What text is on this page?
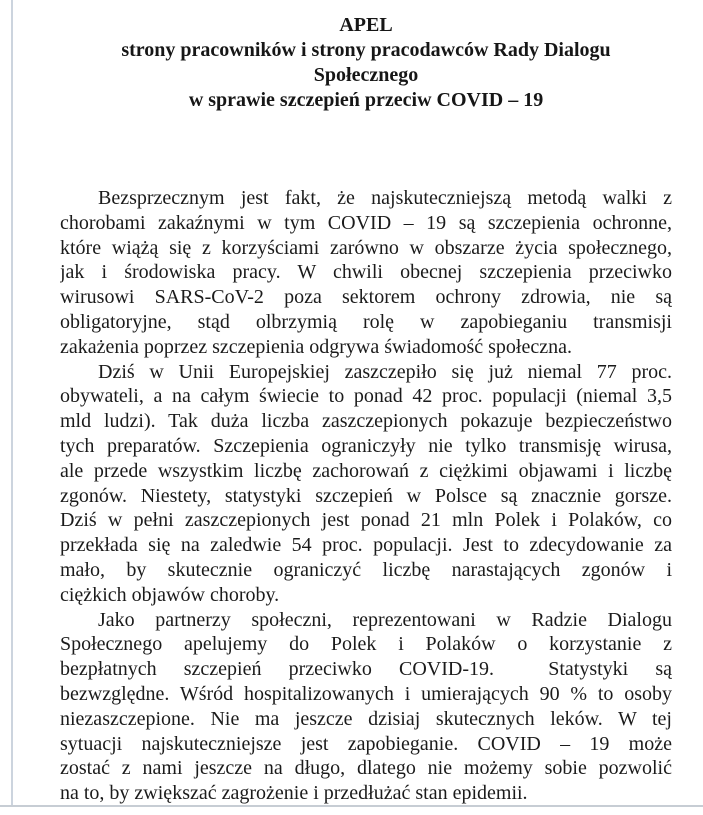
APEL
strony pracowników i strony pracodawców Rady Dialogu
Społecznego
w sprawie szczepień przeciw COVID – 19
Bezsprzecznym jest fakt, że najskuteczniejszą metodą walki z
chorobami zakaźnymi w tym COVID – 19 są szczepienia ochronne,
które wiążą się z korzyściami zarówno w obszarze życia społecznego,
jak i środowiska pracy. W chwili obecnej szczepienia przeciwko
wirusowi SARS-CoV-2 poza sektorem ochrony zdrowia, nie są
obligatoryjne, stąd olbrzymią rolę w zapobieganiu transmisji
zakażenia poprzez szczepienia odgrywa świadomość społeczna.
Dziś w Unii Europejskiej zaszczepiło się już niemal 77 proc.
obywateli, a na całym świecie to ponad 42 proc. populacji (niemal 3,5
mld ludzi). Tak duża liczba zaszczepionych pokazuje bezpieczeństwo
tych preparatów. Szczepienia ograniczyły nie tylko transmisję wirusa,
ale przede wszystkim liczbę zachorowań z ciężkimi objawami i liczbę
zgonów. Niestety, statystyki szczepień w Polsce są znacznie gorsze.
Dziś w pełni zaszczepionych jest ponad 21 mln Polek i Polaków, co
przekłada się na zaledwie 54 proc. populacji. Jest to zdecydowanie za
mało, by skutecznie ograniczyć liczbę narastających zgonów i
ciężkich objawów choroby.
Jako partnerzy społeczni, reprezentowani w Radzie Dialogu
Społecznego apelujemy do Polek i Polaków o korzystanie z
bezpłatnych szczepień przeciwko COVID-19.  Statystyki są
bezwzględne. Wśród hospitalizowanych i umierających 90 % to osoby
niezaszczepione. Nie ma jeszcze dzisiaj skutecznych leków. W tej
sytuacji najskuteczniejsze jest zapobieganie. COVID – 19 może
zostać z nami jeszcze na długo, dlatego nie możemy sobie pozwolić
na to, by zwiększać zagrożenie i przedłużać stan epidemii.
